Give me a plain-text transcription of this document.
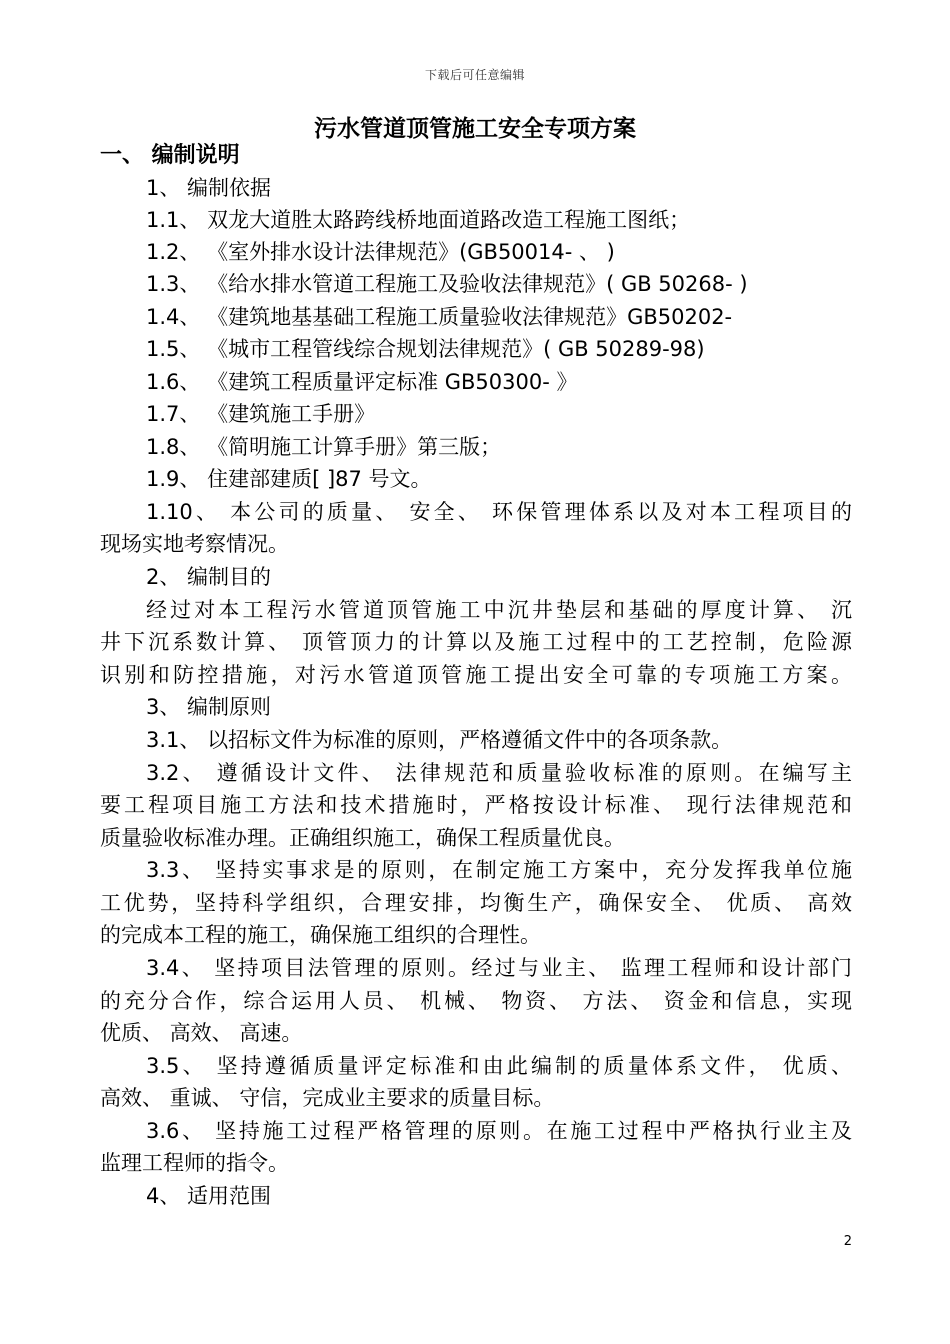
下载后可任意编辑
污水管道顶管施工安全专项方案
一、 编制说明
1、 编制依据
1.1、 双龙大道胜太路跨线桥地面道路改造工程施工图纸；
1.2、 《室外排水设计法律规范》(GB50014- 、 )
1.3、 《给水排水管道工程施工及验收法律规范》( GB 50268- )
1.4、 《建筑地基基础工程施工质量验收法律规范》GB50202-
1.5、 《城市工程管线综合规划法律规范》( GB 50289-98)
1.6、 《建筑工程质量评定标准 GB50300- 》
1.7、 《建筑施工手册》
1.8、 《简明施工计算手册》第三版；
1.9、 住建部建质[ ]87 号文。
1.10、 本公司的质量、 安全、 环保管理体系以及对本工程项目的
现场实地考察情况。
2、 编制目的
经过对本工程污水管道顶管施工中沉井垫层和基础的厚度计算、 沉
井下沉系数计算、 顶管顶力的计算以及施工过程中的工艺控制，危险源
识别和防控措施，对污水管道顶管施工提出安全可靠的专项施工方案。
3、 编制原则
3.1、 以招标文件为标准的原则，严格遵循文件中的各项条款。
3.2、 遵循设计文件、 法律规范和质量验收标准的原则。在编写主
要工程项目施工方法和技术措施时，严格按设计标准、 现行法律规范和
质量验收标准办理。正确组织施工，确保工程质量优良。
3.3、 坚持实事求是的原则，在制定施工方案中，充分发挥我单位施
工优势，坚持科学组织，合理安排，均衡生产，确保安全、 优质、 高效
的完成本工程的施工，确保施工组织的合理性。
3.4、 坚持项目法管理的原则。经过与业主、 监理工程师和设计部门
的充分合作，综合运用人员、 机械、 物资、 方法、 资金和信息，实现
优质、 高效、 高速。
3.5、 坚持遵循质量评定标准和由此编制的质量体系文件， 优质、
高效、 重诚、 守信，完成业主要求的质量目标。
3.6、 坚持施工过程严格管理的原则。在施工过程中严格执行业主及
监理工程师的指令。
4、 适用范围
2
